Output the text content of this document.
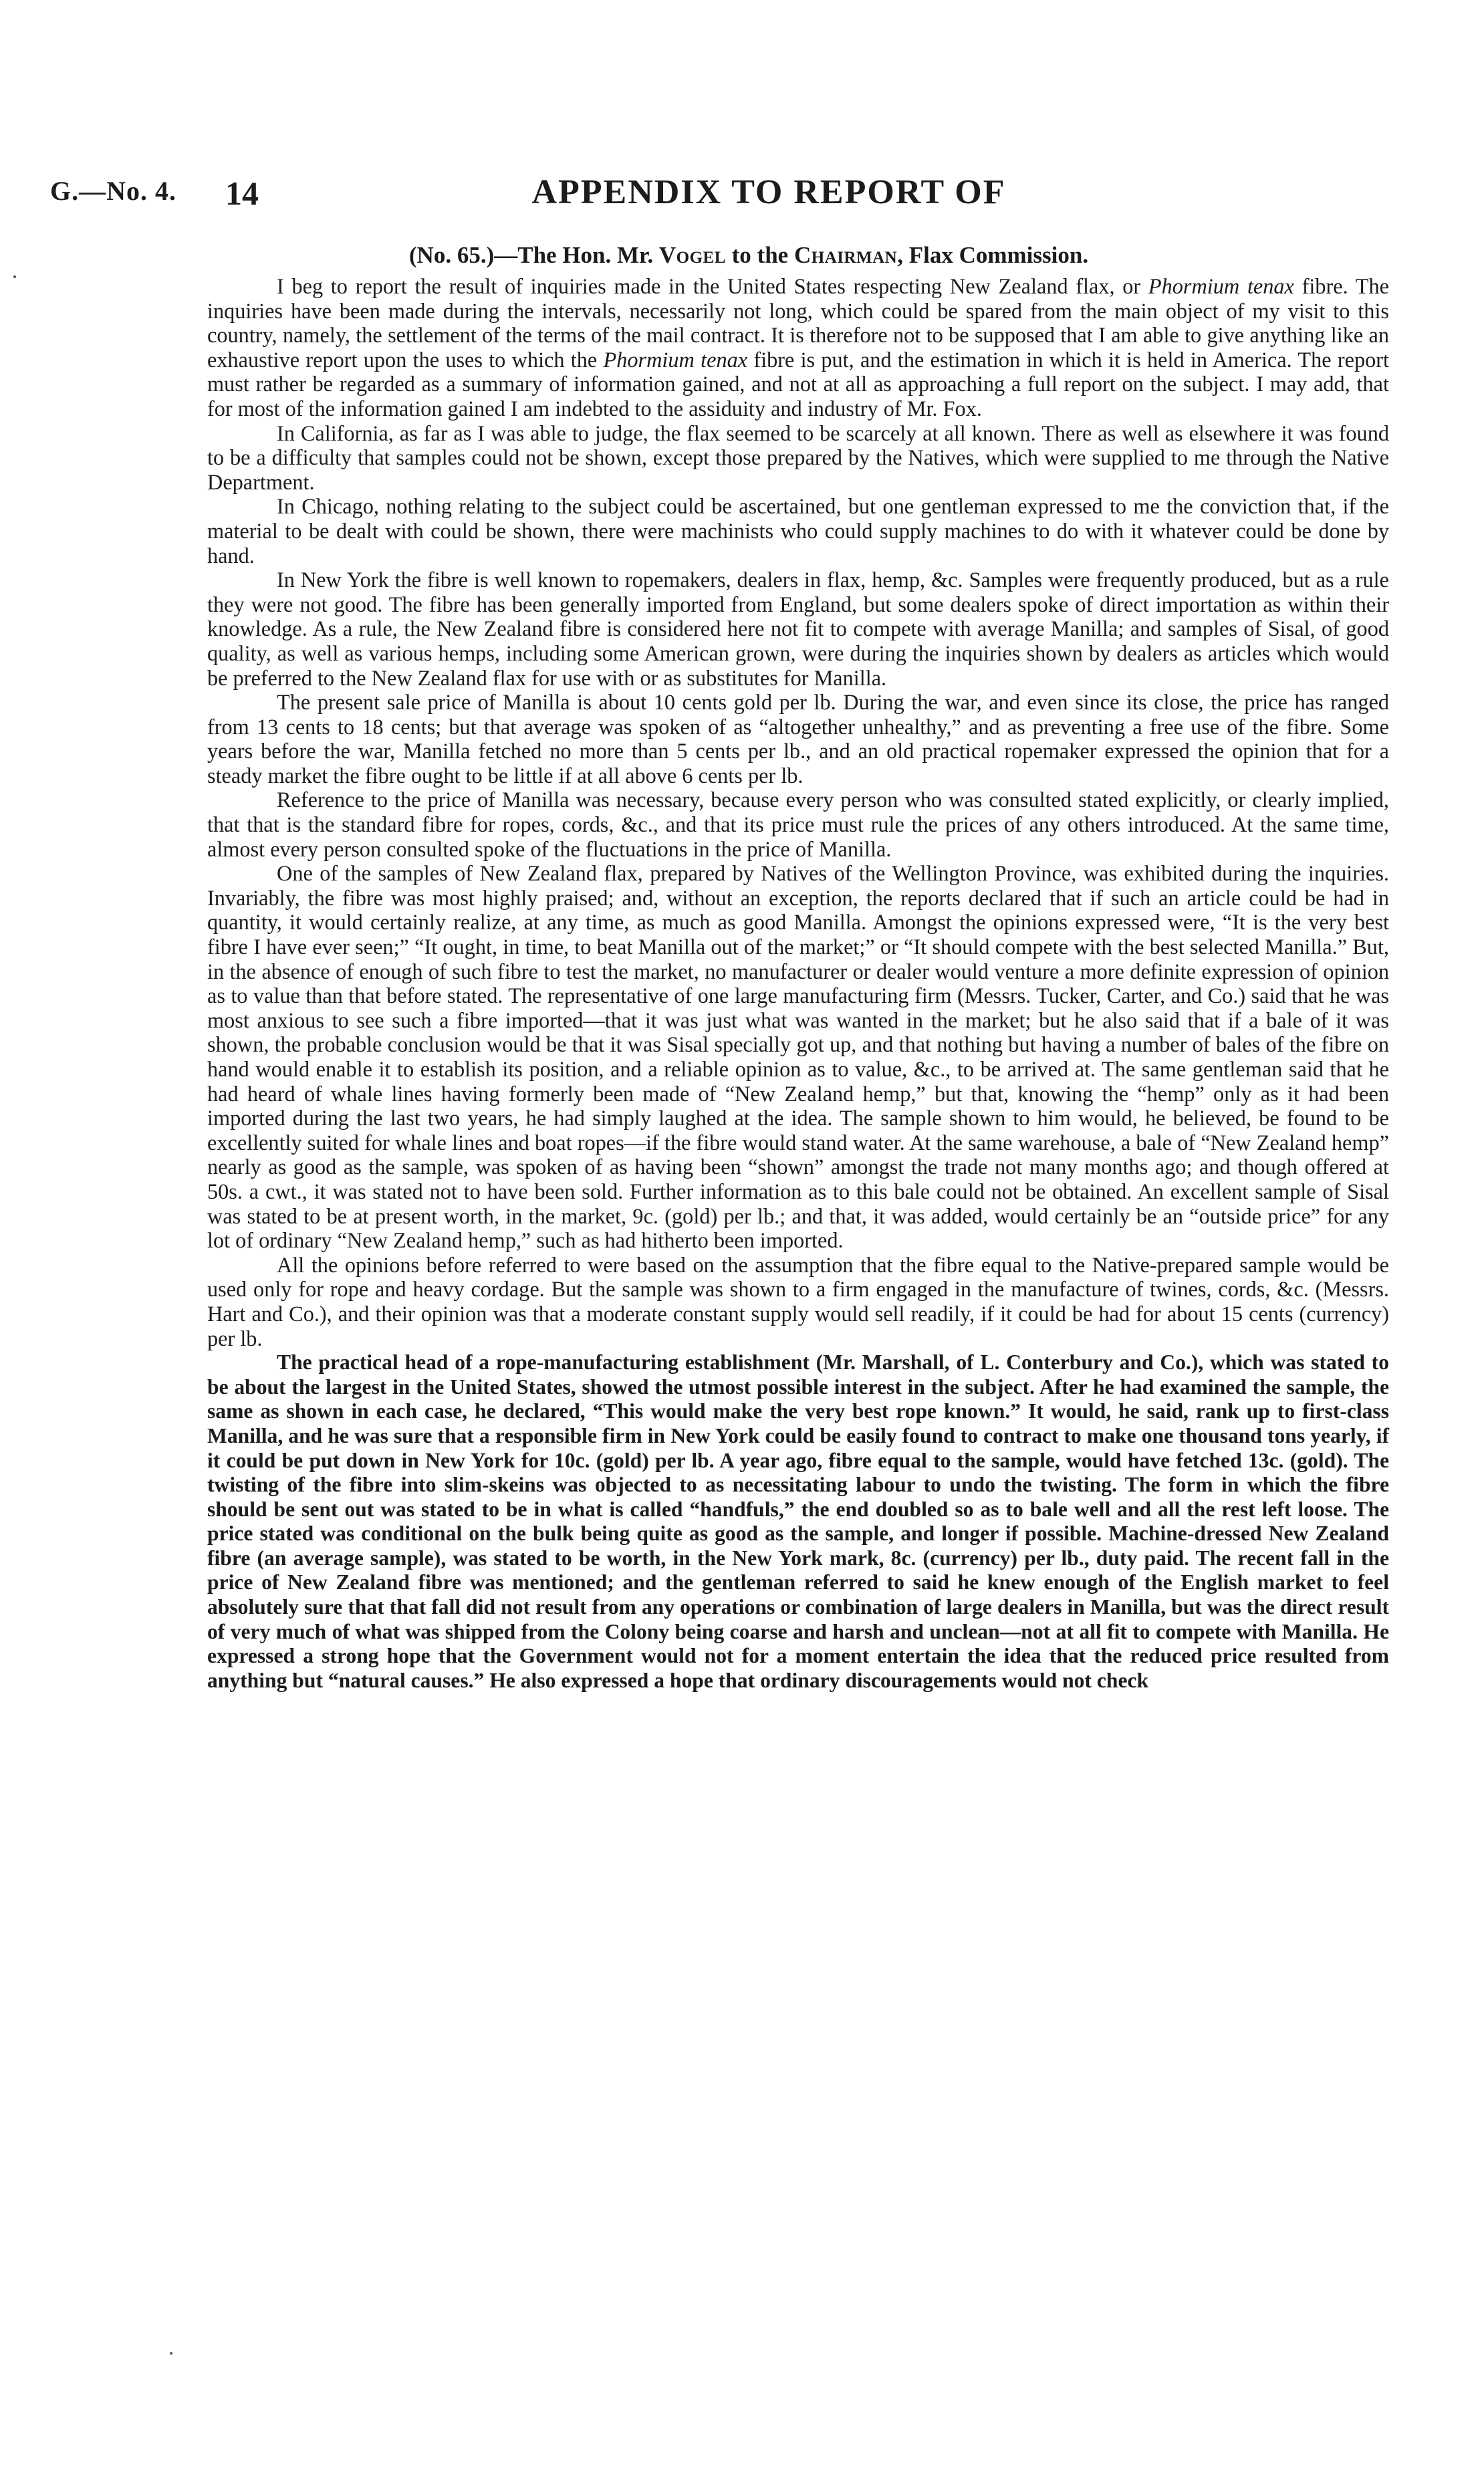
G.—No. 4. 14	APPENDIX TO REPORT OF
(No. 65.)—The Hon. Mr. Vogel to the Chairman, Flax Commission.

I beg to report the result of inquiries made in the United States respecting New Zealand flax, or Phormium tenax fibre. The inquiries have been made during the intervals, necessarily not long, which could be spared from the main object of my visit to this country, namely, the settlement of the terms of the mail contract. It is therefore not to be supposed that I am able to give anything like an exhaustive report upon the uses to which the Phormium tenax fibre is put, and the estimation in which it is held in America. The report must rather be regarded as a summary of information gained, and not at all as approaching a full report on the subject. I may add, that for most of the information gained I am indebted to the assiduity and industry of Mr. Fox.

In California, as far as I was able to judge, the flax seemed to be scarcely at all known. There as well as elsewhere it was found to be a difficulty that samples could not be shown, except those prepared by the Natives, which were supplied to me through the Native Department.

In Chicago, nothing relating to the subject could be ascertained, but one gentleman expressed to me the conviction that, if the material to be dealt with could be shown, there were machinists who could supply machines to do with it whatever could be done by hand.

In New York the fibre is well known to ropemakers, dealers in flax, hemp, &c. Samples were frequently produced, but as a rule they were not good. The fibre has been generally imported from England, but some dealers spoke of direct importation as within their knowledge. As a rule, the New Zealand fibre is considered here not fit to compete with average Manilla; and samples of Sisal, of good quality, as well as various hemps, including some American grown, were during the inquiries shown by dealers as articles which would be preferred to the New Zealand flax for use with or as substitutes for Manilla.

The present sale price of Manilla is about 10 cents gold per lb. During the war, and even since its close, the price has ranged from 13 cents to 18 cents; but that average was spoken of as “altogether unhealthy,” and as preventing a free use of the fibre. Some years before the war, Manilla fetched no more than 5 cents per lb., and an old practical ropemaker expressed the opinion that for a steady market the fibre ought to be little if at all above 6 cents per lb.

Reference to the price of Manilla was necessary, because every person who was consulted stated explicitly, or clearly implied, that that is the standard fibre for ropes, cords, &c., and that its price must rule the prices of any others introduced. At the same time, almost every person consulted spoke of the fluctuations in the price of Manilla.

One of the samples of New Zealand flax, prepared by Natives of the Wellington Province, was exhibited during the inquiries. Invariably, the fibre was most highly praised; and, without an exception, the reports declared that if such an article could be had in quantity, it would certainly realize, at any time, as much as good Manilla. Amongst the opinions expressed were, “It is the very best fibre I have ever seen;” “It ought, in time, to beat Manilla out of the market;” or “It should compete with the best selected Manilla.” But, in the absence of enough of such fibre to test the market, no manufacturer or dealer would venture a more definite expression of opinion as to value than that before stated. The representative of one large manufacturing firm (Messrs. Tucker, Carter, and Co.) said that he was most anxious to see such a fibre imported—that it was just what was wanted in the market; but he also said that if a bale of it was shown, the probable conclusion would be that it was Sisal specially got up, and that nothing but having a number of bales of the fibre on hand would enable it to establish its position, and a reliable opinion as to value, &c., to be arrived at. The same gentleman said that he had heard of whale lines having formerly been made of “New Zealand hemp,” but that, knowing the “hemp” only as it had been imported during the last two years, he had simply laughed at the idea. The sample shown to him would, he believed, be found to be excellently suited for whale lines and boat ropes—if the fibre would stand water. At the same warehouse, a bale of “New Zealand hemp” nearly as good as the sample, was spoken of as having been “shown” amongst the trade not many months ago; and though offered at 50s. a cwt., it was stated not to have been sold. Further information as to this bale could not be obtained. An excellent sample of Sisal was stated to be at present worth, in the market, 9c. (gold) per lb.; and that, it was added, would certainly be an “outside price” for any lot of ordinary “New Zealand hemp,” such as had hitherto been imported.

All the opinions before referred to were based on the assumption that the fibre equal to the Native-prepared sample would be used only for rope and heavy cordage. But the sample was shown to a firm engaged in the manufacture of twines, cords, &c. (Messrs. Hart and Co.), and their opinion was that a moderate constant supply would sell readily, if it could be had for about 15 cents (currency) per lb.

The practical head of a rope-manufacturing establishment (Mr. Marshall, of L. Conterbury and Co.), which was stated to be about the largest in the United States, showed the utmost possible interest in the subject. After he had examined the sample, the same as shown in each case, he declared, “This would make the very best rope known.” It would, he said, rank up to first-class Manilla, and he was sure that a responsible firm in New York could be easily found to contract to make one thousand tons yearly, if it could be put down in New York for 10c. (gold) per lb. A year ago, fibre equal to the sample, would have fetched 13c. (gold). The twisting of the fibre into slim-skeins was objected to as necessitating labour to undo the twisting. The form in which the fibre should be sent out was stated to be in what is called “handfuls,” the end doubled so as to bale well and all the rest left loose. The price stated was conditional on the bulk being quite as good as the sample, and longer if possible. Machine-dressed New Zealand fibre (an average sample), was stated to be worth, in the New York mark, 8c. (currency) per lb., duty paid. The recent fall in the price of New Zealand fibre was mentioned; and the gentleman referred to said he knew enough of the English market to feel absolutely sure that that fall did not result from any operations or combination of large dealers in Manilla, but was the direct result of very much of what was shipped from the Colony being coarse and harsh and unclean—not at all fit to compete with Manilla. He expressed a strong hope that the Government would not for a moment entertain the idea that the reduced price resulted from anything but “natural causes.” He also expressed a hope that ordinary discouragements would not check
